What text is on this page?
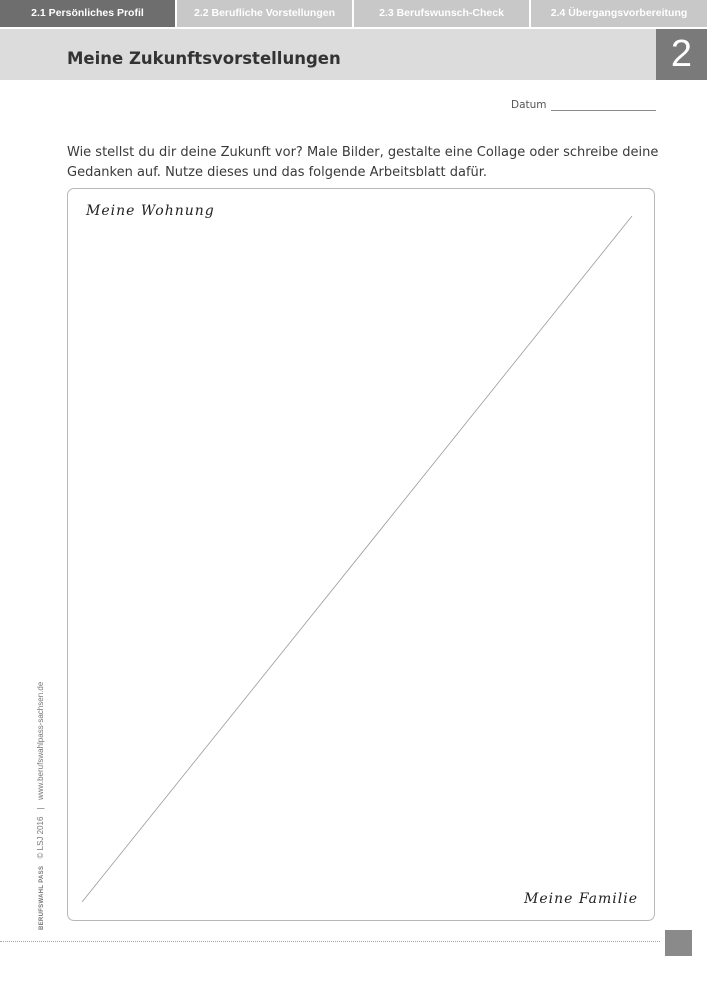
2.1 Persönliches Profil	2.2 Berufliche Vorstellungen	2.3 Berufswunsch-Check	2.4 Übergangsvorbereitung
Meine Zukunftsvorstellungen	2
Datum
Wie stellst du dir deine Zukunft vor? Male Bilder, gestalte eine Collage oder schreibe deine Gedanken auf. Nutze dieses und das folgende Arbeitsblatt dafür.
Meine Wohnung
Meine Familie
BERUFSWAHL PASS © LSJ 2016 | www.berufswahlpass-sachsen.de
